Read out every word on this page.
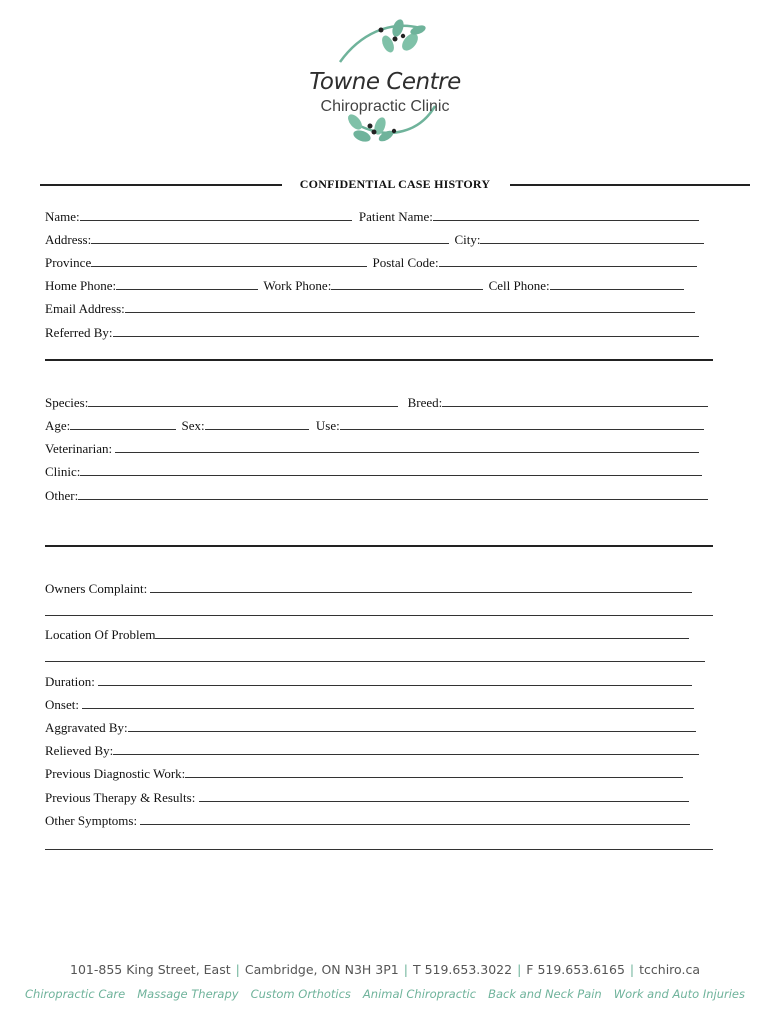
Towne Centre
Chiropractic Clinic
CONFIDENTIAL CASE HISTORY
Name:	Patient Name:
Address:	City:
Province	Postal Code:
Home Phone:	Work Phone:	Cell Phone:
Email Address:
Referred By:
Species:	Breed:
Age:	Sex:	Use:
Veterinarian:
Clinic:
Other:
Owners Complaint:
Location Of Problem
Duration:
Onset:
Aggravated By:
Relieved By:
Previous Diagnostic Work:
Previous Therapy & Results:
Other Symptoms:
101-855 King Street, East | Cambridge, ON N3H 3P1 | T 519.653.3022 | F 519.653.6165 | tcchiro.ca
Chiropractic Care Massage Therapy Custom Orthotics Animal Chiropractic Back and Neck Pain Work and Auto Injuries
